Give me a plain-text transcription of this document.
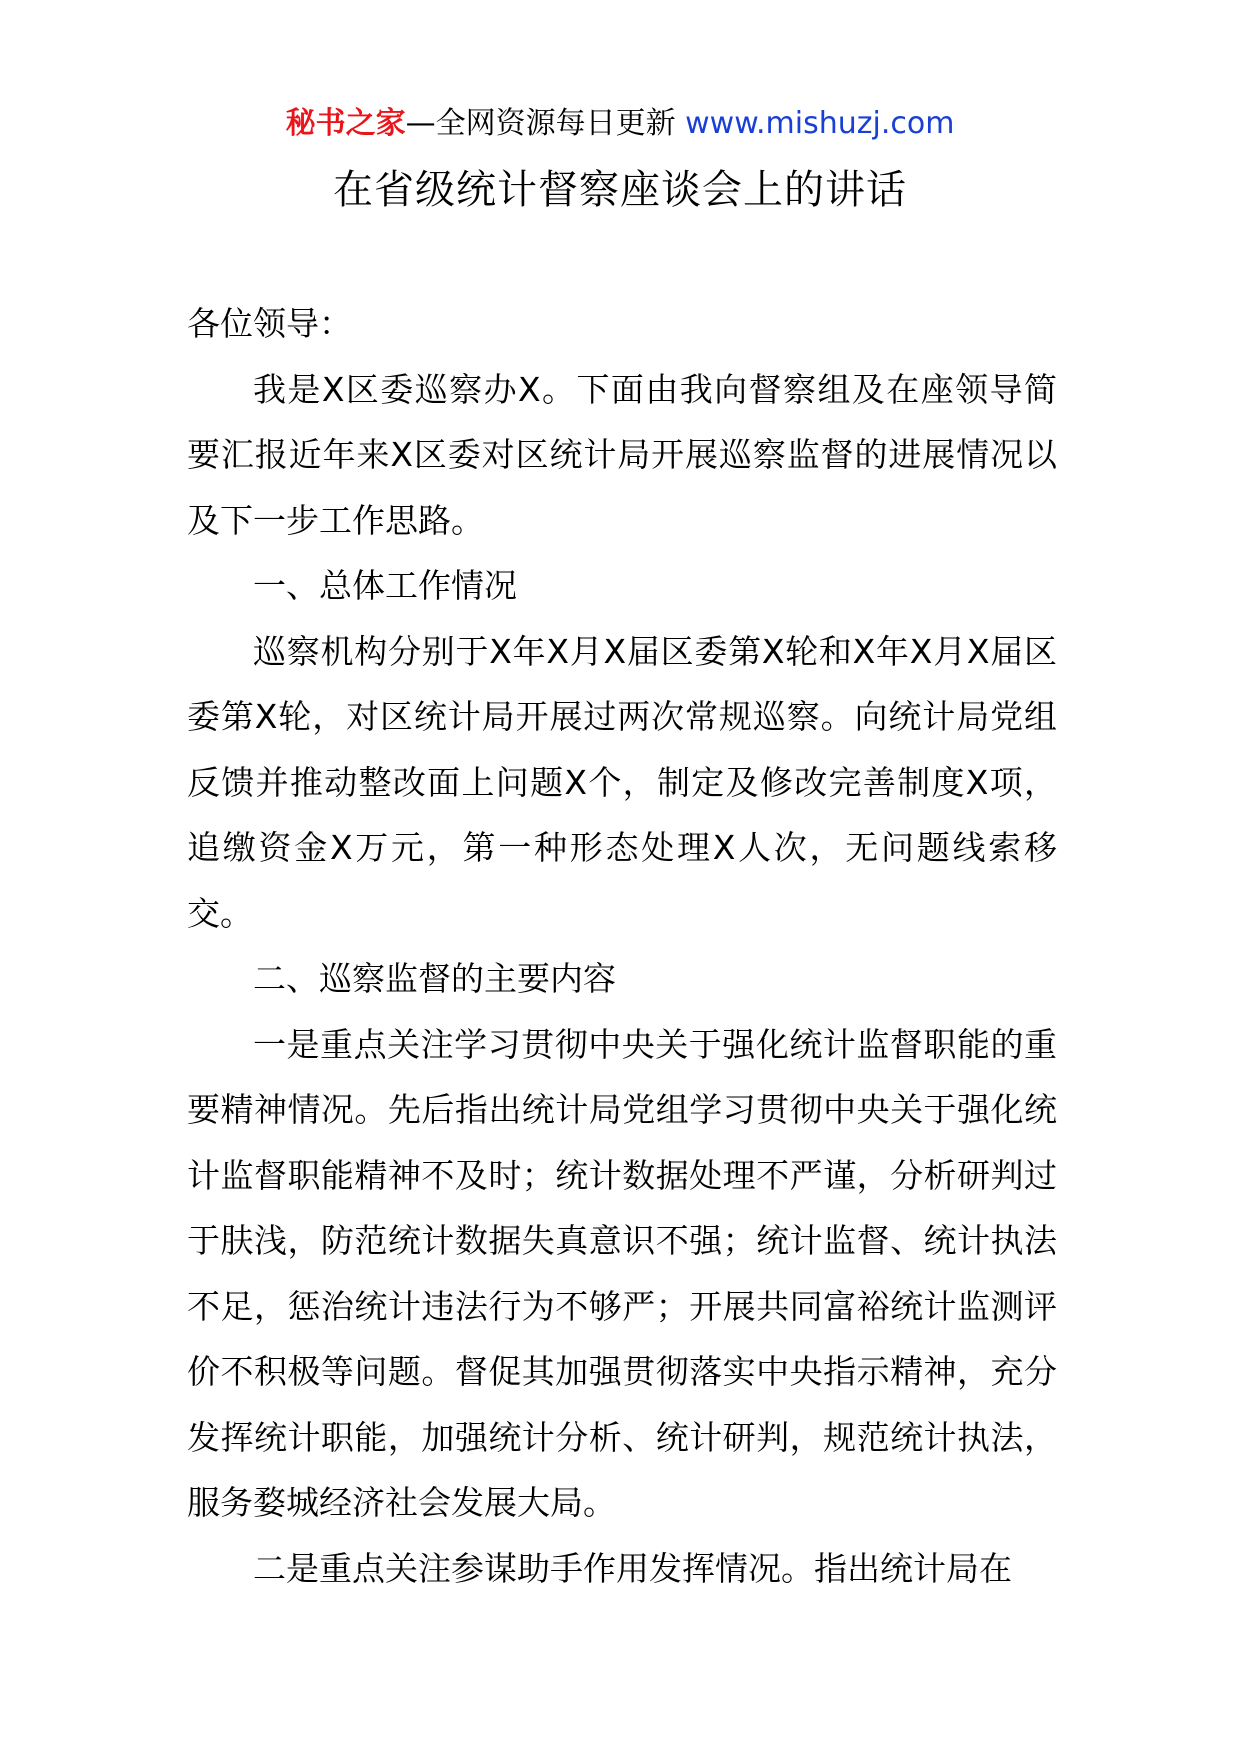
秘书之家—全网资源每日更新 www.mishuzj.com
在省级统计督察座谈会上的讲话

各位领导：

我是X区委巡察办X。下面由我向督察组及在座领导简要汇报近年来X区委对区统计局开展巡察监督的进展情况以及下一步工作思路。

一、总体工作情况

巡察机构分别于X年X月X届区委第X轮和X年X月X届区委第X轮，对区统计局开展过两次常规巡察。向统计局党组反馈并推动整改面上问题X个，制定及修改完善制度X项，追缴资金X万元，第一种形态处理X人次，无问题线索移交。

二、巡察监督的主要内容

一是重点关注学习贯彻中央关于强化统计监督职能的重要精神情况。先后指出统计局党组学习贯彻中央关于强化统计监督职能精神不及时；统计数据处理不严谨，分析研判过于肤浅，防范统计数据失真意识不强；统计监督、统计执法不足，惩治统计违法行为不够严；开展共同富裕统计监测评价不积极等问题。督促其加强贯彻落实中央指示精神，充分发挥统计职能，加强统计分析、统计研判，规范统计执法，服务婺城经济社会发展大局。

二是重点关注参谋助手作用发挥情况。指出统计局在
